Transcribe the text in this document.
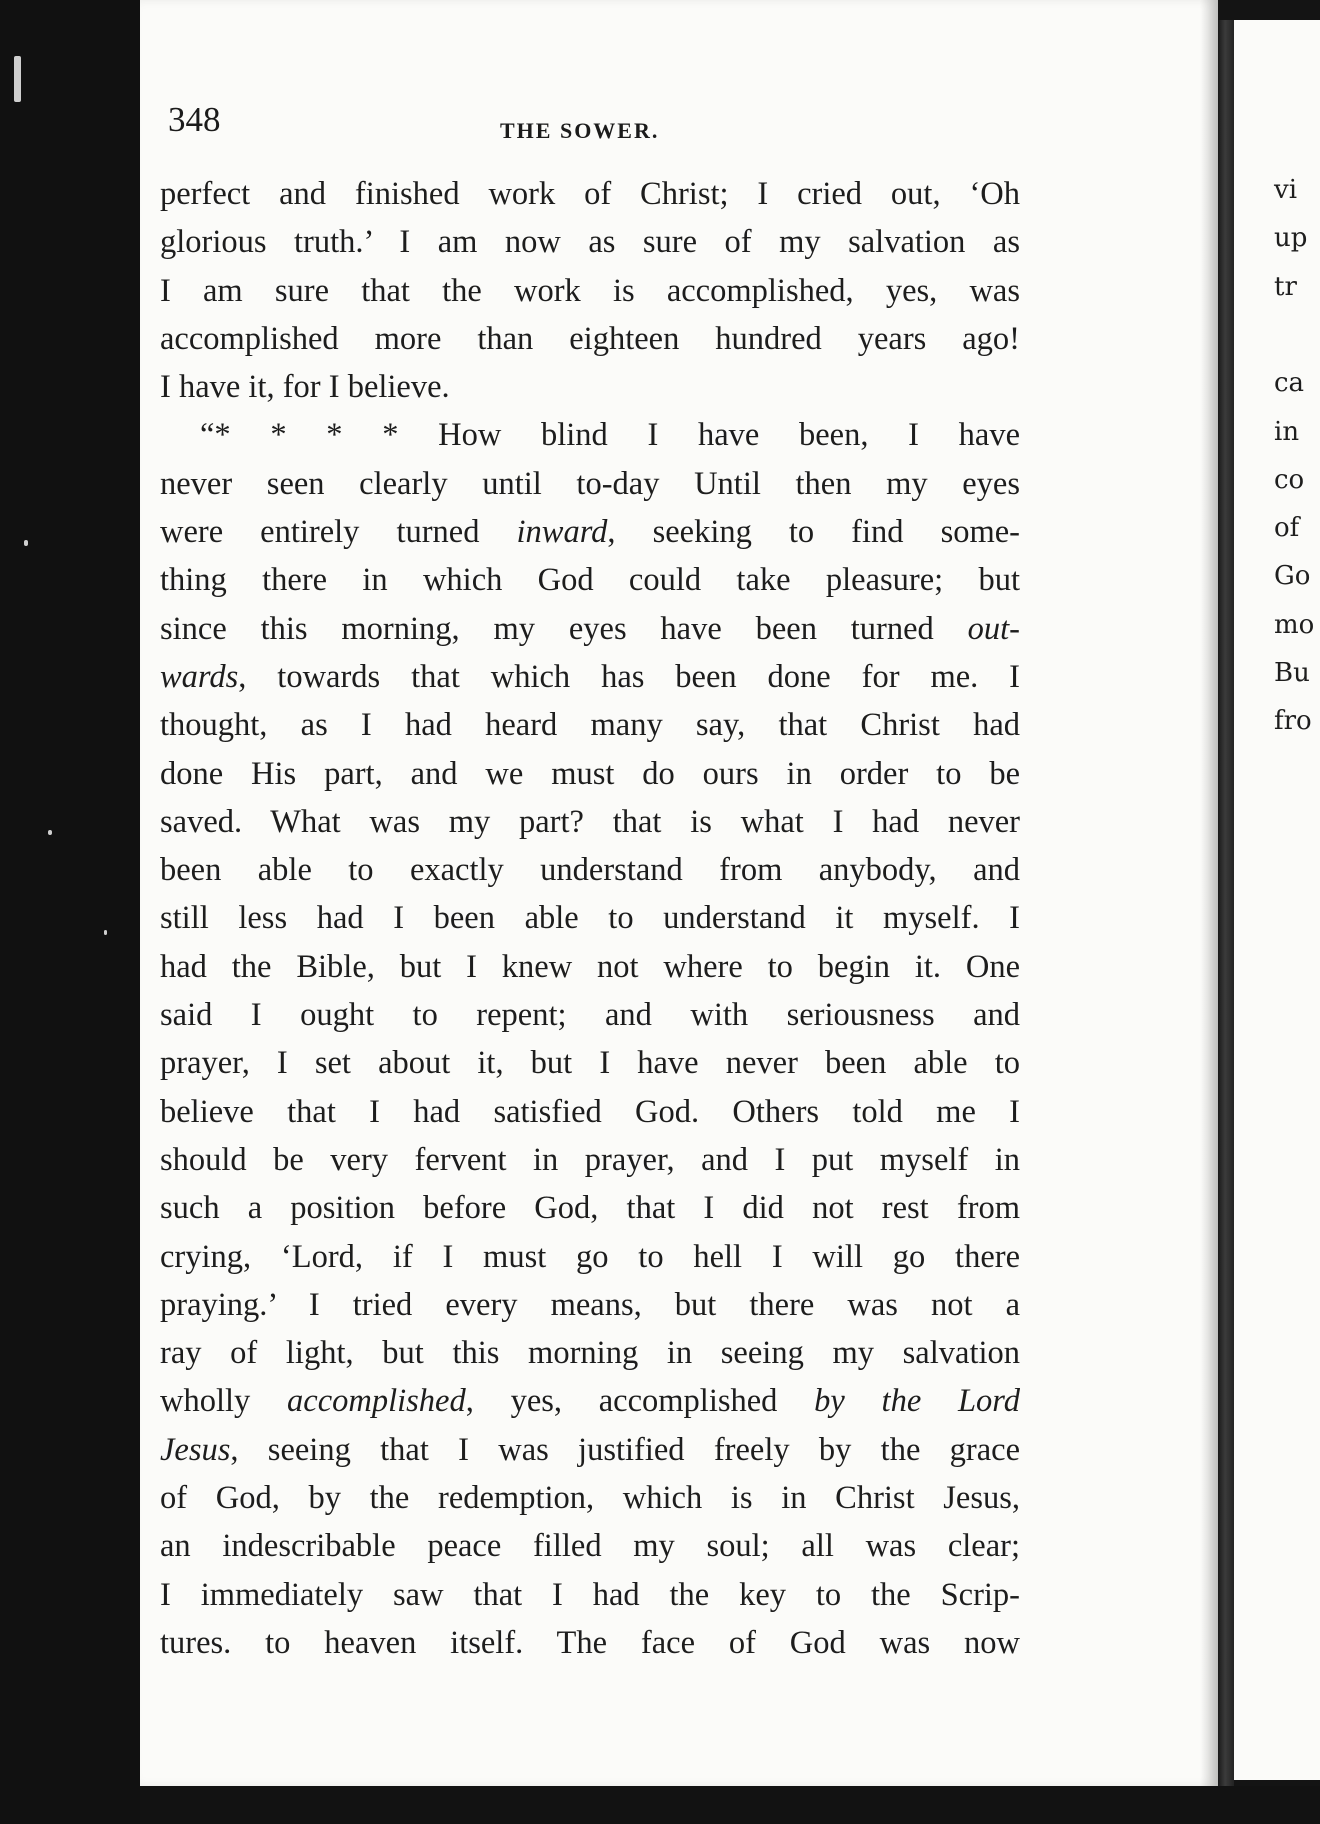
vi
up
tr
ca
in
co
of
Go
mo
Bu
fro
348	THE SOWER.
perfect and finished work of Christ; I cried out, ‘Oh
glorious truth.’ I am now as sure of my salvation as
I am sure that the work is accomplished, yes, was
accomplished more than eighteen hundred years ago!
I have it, for I believe.
“* * * * How blind I have been, I have
never seen clearly until to-day Until then my eyes
were entirely turned inward, seeking to find some-
thing there in which God could take pleasure; but
since this morning, my eyes have been turned out-
wards, towards that which has been done for me. I
thought, as I had heard many say, that Christ had
done His part, and we must do ours in order to be
saved. What was my part? that is what I had never
been able to exactly understand from anybody, and
still less had I been able to understand it myself. I
had the Bible, but I knew not where to begin it. One
said I ought to repent; and with seriousness and
prayer, I set about it, but I have never been able to
believe that I had satisfied God. Others told me I
should be very fervent in prayer, and I put myself in
such a position before God, that I did not rest from
crying, ‘Lord, if I must go to hell I will go there
praying.’ I tried every means, but there was not a
ray of light, but this morning in seeing my salvation
wholly accomplished, yes, accomplished by the Lord
Jesus, seeing that I was justified freely by the grace
of God, by the redemption, which is in Christ Jesus,
an indescribable peace filled my soul; all was clear;
I immediately saw that I had the key to the Scrip-
tures. to heaven itself. The face of God was now
